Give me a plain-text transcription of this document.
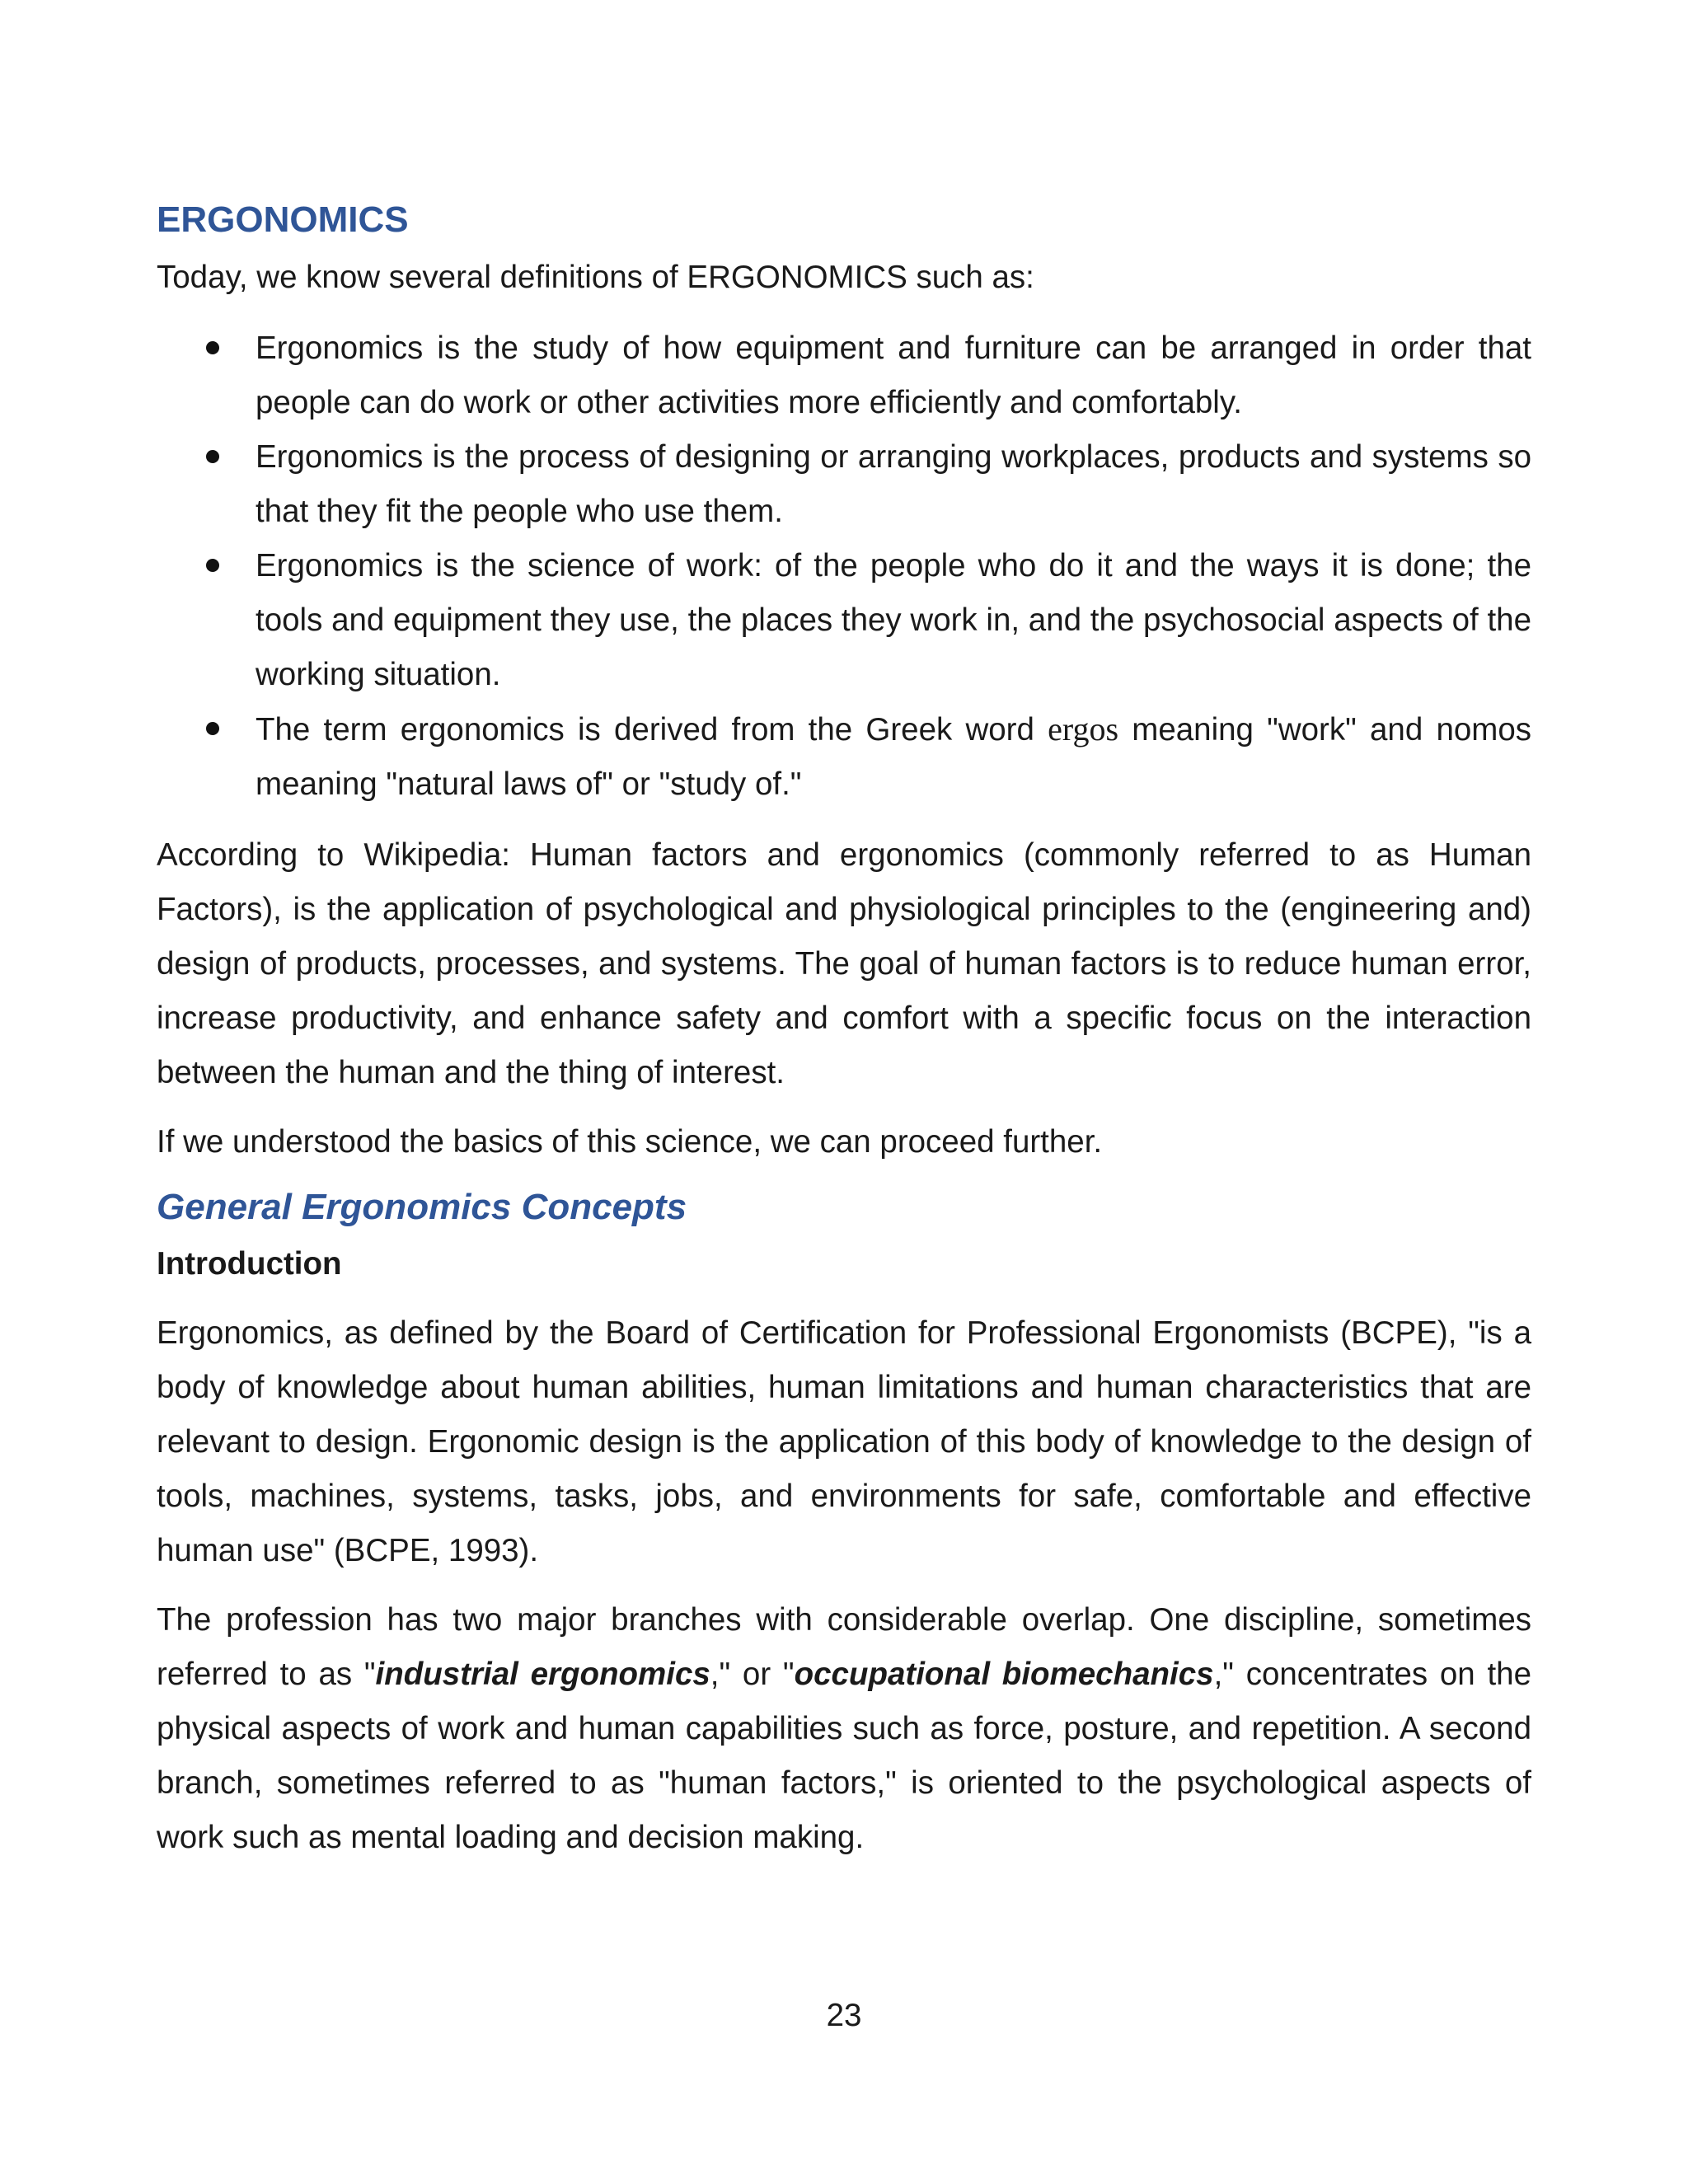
ERGONOMICS

Today, we know several definitions of ERGONOMICS such as:

Ergonomics is the study of how equipment and furniture can be arranged in order that people can do work or other activities more efficiently and comfortably.
Ergonomics is the process of designing or arranging workplaces, products and systems so that they fit the people who use them.
Ergonomics is the science of work: of the people who do it and the ways it is done; the tools and equipment they use, the places they work in, and the psychosocial aspects of the working situation.
The term ergonomics is derived from the Greek word ergos meaning "work" and nomos meaning "natural laws of" or "study of."

According to Wikipedia: Human factors and ergonomics (commonly referred to as Human Factors), is the application of psychological and physiological principles to the (engineering and) design of products, processes, and systems. The goal of human factors is to reduce human error, increase productivity, and enhance safety and comfort with a specific focus on the interaction between the human and the thing of interest.

If we understood the basics of this science, we can proceed further.

General Ergonomics Concepts
Introduction

Ergonomics, as defined by the Board of Certification for Professional Ergonomists (BCPE), "is a body of knowledge about human abilities, human limitations and human characteristics that are relevant to design. Ergonomic design is the application of this body of knowledge to the design of tools, machines, systems, tasks, jobs, and environments for safe, comfortable and effective human use" (BCPE, 1993).

The profession has two major branches with considerable overlap. One discipline, sometimes referred to as "industrial ergonomics," or "occupational biomechanics," concentrates on the physical aspects of work and human capabilities such as force, posture, and repetition. A second branch, sometimes referred to as "human factors," is oriented to the psychological aspects of work such as mental loading and decision making.

23
